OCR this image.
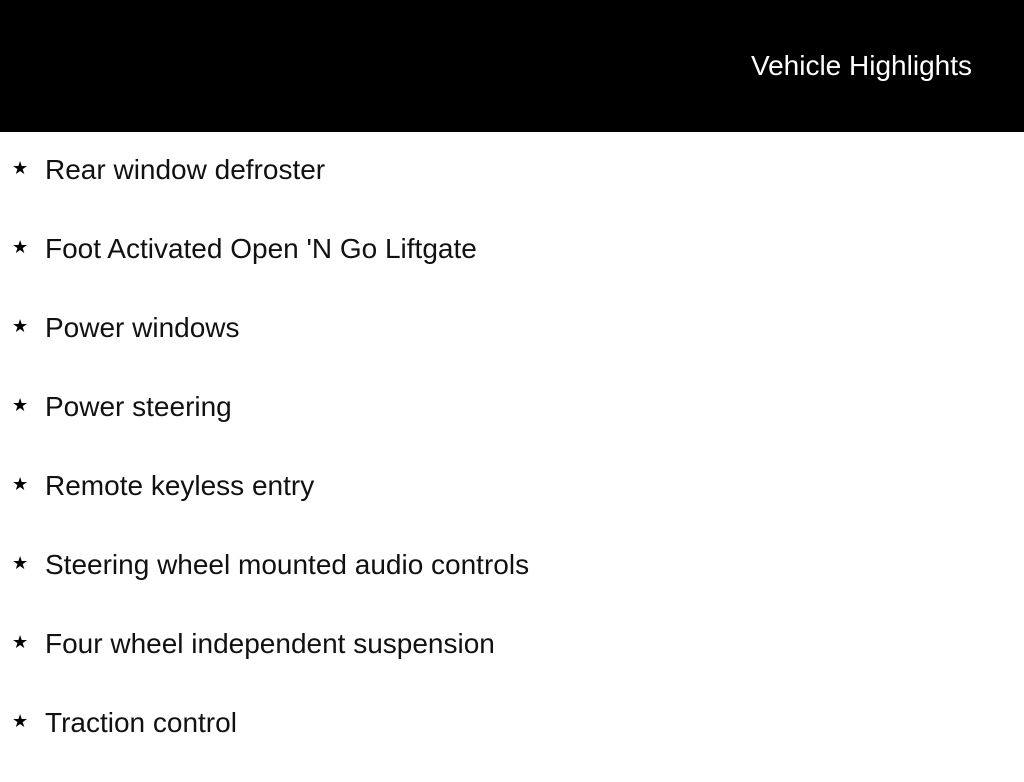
Vehicle Highlights
★ Rear window defroster
★ Foot Activated Open 'N Go Liftgate
★ Power windows
★ Power steering
★ Remote keyless entry
★ Steering wheel mounted audio controls
★ Four wheel independent suspension
★ Traction control
